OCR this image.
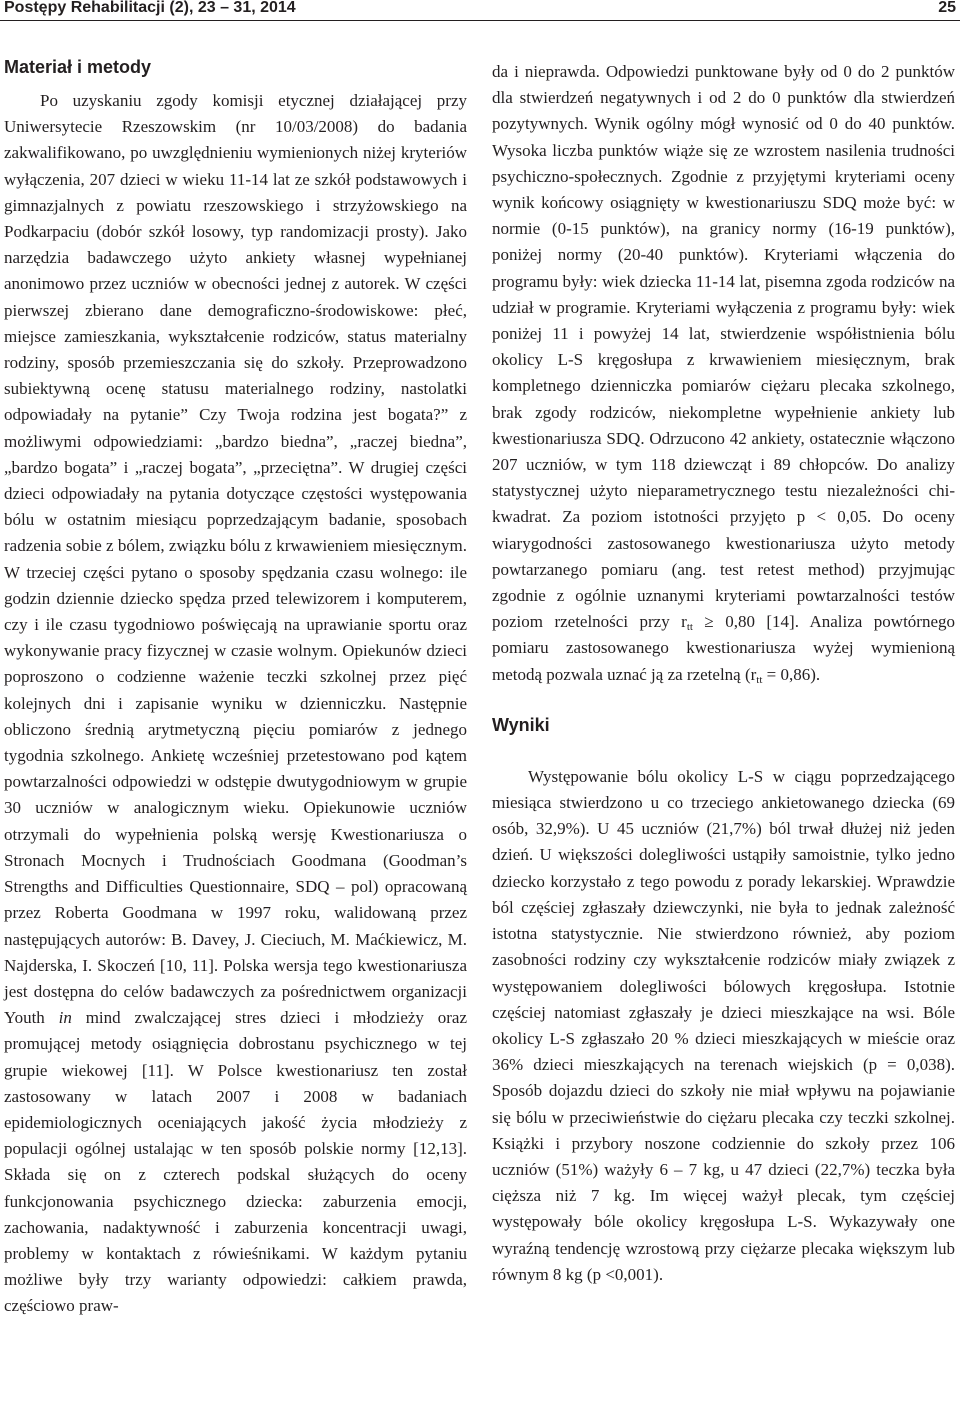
Postępy Rehabilitacji (2), 23 – 31, 2014	25
Materiał i metody

Po uzyskaniu zgody komisji etycznej działającej przy Uniwersytecie Rzeszowskim (nr 10/03/2008) do badania zakwalifikowano, po uwzględnieniu wymienionych niżej kryteriów wyłączenia, 207 dzieci w wieku 11-14 lat ze szkół podstawowych i gimnazjalnych z powiatu rzeszowskiego i strzyżowskiego na Podkarpaciu (dobór szkół losowy, typ randomizacji prosty). Jako narzędzia badawczego użyto ankiety własnej wypełnianej anonimowo przez uczniów w obecności jednej z autorek. W części pierwszej zbierano dane demograficzno-środowiskowe: płeć, miejsce zamieszkania, wykształcenie rodziców, status materialny rodziny, sposób przemieszczania się do szkoły. Przeprowadzono subiektywną ocenę statusu materialnego rodziny, nastolatki odpowiadały na pytanie” Czy Twoja rodzina jest bogata?” z możliwymi odpowiedziami: „bardzo biedna”, „raczej biedna”, „bardzo bogata” i „raczej bogata”, „przeciętna”. W drugiej części dzieci odpowiadały na pytania dotyczące częstości występowania bólu w ostatnim miesiącu poprzedzającym badanie, sposobach radzenia sobie z bólem, związku bólu z krwawieniem miesięcznym. W trzeciej części pytano o sposoby spędzania czasu wolnego: ile godzin dziennie dziecko spędza przed telewizorem i komputerem, czy i ile czasu tygodniowo poświęcają na uprawianie sportu oraz wykonywanie pracy fizycznej w czasie wolnym. Opiekunów dzieci poproszono o codzienne ważenie teczki szkolnej przez pięć kolejnych dni i zapisanie wyniku w dzienniczku. Następnie obliczono średnią arytmetyczną pięciu pomiarów z jednego tygodnia szkolnego. Ankietę wcześniej przetestowano pod kątem powtarzalności odpowiedzi w odstępie dwutygodniowym w grupie 30 uczniów w analogicznym wieku. Opiekunowie uczniów otrzymali do wypełnienia polską wersję Kwestionariusza o Stronach Mocnych i Trudnościach Goodmana (Goodman’s Strengths and Difficulties Questionnaire, SDQ – pol) opracowaną przez Roberta Goodmana w 1997 roku, walidowaną przez następujących autorów: B. Davey, J. Cieciuch, M. Maćkiewicz, M. Najderska, I. Skoczeń [10, 11]. Polska wersja tego kwestionariusza jest dostępna do celów badawczych za pośrednictwem organizacji Youth in mind zwalczającej stres dzieci i młodzieży oraz promującej metody osiągnięcia dobrostanu psychicznego w tej grupie wiekowej [11]. W Polsce kwestionariusz ten został zastosowany w latach 2007 i 2008 w badaniach epidemiologicznych oceniających jakość życia młodzieży z populacji ogólnej ustalając w ten sposób polskie normy [12,13]. Składa się on z czterech podskal służących do oceny funkcjonowania psychicznego dziecka: zaburzenia emocji, zachowania, nadaktywność i zaburzenia koncentracji uwagi, problemy w kontaktach z rówieśnikami. W każdym pytaniu możliwe były trzy warianty odpowiedzi: całkiem prawda, częściowo praw-

da i nieprawda. Odpowiedzi punktowane były od 0 do 2 punktów dla stwierdzeń negatywnych i od 2 do 0 punktów dla stwierdzeń pozytywnych. Wynik ogólny mógł wynosić od 0 do 40 punktów. Wysoka liczba punktów wiąże się ze wzrostem nasilenia trudności psychiczno-społecznych. Zgodnie z przyjętymi kryteriami oceny wynik końcowy osiągnięty w kwestionariuszu SDQ może być: w normie (0-15 punktów), na granicy normy (16-19 punktów), poniżej normy (20-40 punktów). Kryteriami włączenia do programu były: wiek dziecka 11-14 lat, pisemna zgoda rodziców na udział w programie. Kryteriami wyłączenia z programu były: wiek poniżej 11 i powyżej 14 lat, stwierdzenie współistnienia bólu okolicy L-S kręgosłupa z krwawieniem miesięcznym, brak kompletnego dzienniczka pomiarów ciężaru plecaka szkolnego, brak zgody rodziców, niekompletne wypełnienie ankiety lub kwestionariusza SDQ. Odrzucono 42 ankiety, ostatecznie włączono 207 uczniów, w tym 118 dziewcząt i 89 chłopców. Do analizy statystycznej użyto nieparametrycznego testu niezależności chi-kwadrat. Za poziom istotności przyjęto p < 0,05. Do oceny wiarygodności zastosowanego kwestionariusza użyto metody powtarzanego pomiaru (ang. test retest method) przyjmując zgodnie z ogólnie uznanymi kryteriami powtarzalności testów poziom rzetelności przy $r_{tt} \ge 0,80$ [14]. Analiza powtórnego pomiaru zastosowanego kwestionariusza wyżej wymienioną metodą pozwala uznać ją za rzetelną $(r_{tt} = 0,86)$.

Wyniki

Występowanie bólu okolicy L-S w ciągu poprzedzającego miesiąca stwierdzono u co trzeciego ankietowanego dziecka (69 osób, 32,9%). U 45 uczniów (21,7%) ból trwał dłużej niż jeden dzień. U większości dolegliwości ustąpiły samoistnie, tylko jedno dziecko korzystało z tego powodu z porady lekarskiej. Wprawdzie ból częściej zgłaszały dziewczynki, nie była to jednak zależność istotna statystycznie. Nie stwierdzono również, aby poziom zasobności rodziny czy wykształcenie rodziców miały związek z występowaniem dolegliwości bólowych kręgosłupa. Istotnie częściej natomiast zgłaszały je dzieci mieszkające na wsi. Bóle okolicy L-S zgłaszało 20 % dzieci mieszkających w mieście oraz 36% dzieci mieszkających na terenach wiejskich (p = 0,038). Sposób dojazdu dzieci do szkoły nie miał wpływu na pojawianie się bólu w przeciwieństwie do ciężaru plecaka czy teczki szkolnej. Książki i przybory noszone codziennie do szkoły przez 106 uczniów (51%) ważyły 6 – 7 kg, u 47 dzieci (22,7%) teczka była cięższa niż 7 kg. Im więcej ważył plecak, tym częściej występowały bóle okolicy kręgosłupa L-S. Wykazywały one wyraźną tendencję wzrostową przy ciężarze plecaka większym lub równym 8 kg (p <0,001).
